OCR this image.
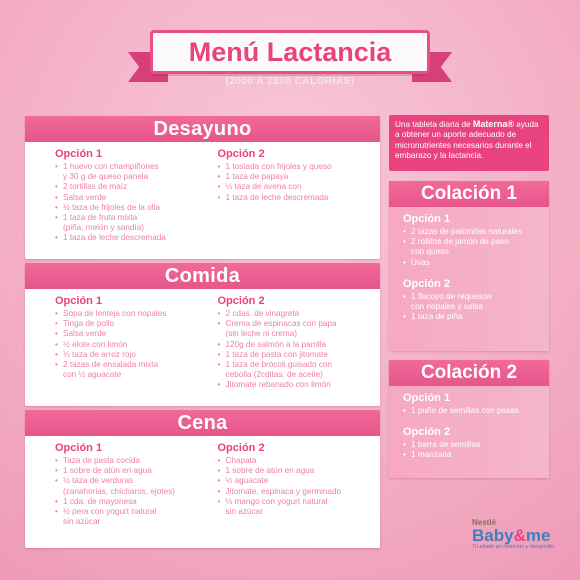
Menú Lactancia
(2000 A 2200 CALORÍAS)
Desayuno
Opción 1
• 1 huevo con champiñones
y 30 g de queso panela
• 2 tortillas de maíz
• Salsa verde
• ½ taza de frijoles de la olla
• 1 taza de fruta mixta
(piña, melón y sandía)
• 1 taza de leche descremada
Opción 2
• 1 tostada con frijoles y queso
• 1 taza de papaya
• ½ taza de avena con
• 1 taza de leche descremada
Comida
Opción 1
• Sopa de lenteja con nopales
• Tinga de pollo
• Salsa verde
• ½ elote con limón
• ⅓ taza de arroz rojo
• 2 tazas de ensalada mixta
con ½ aguacate
Opción 2
• 2 cdas. de vinagreta
• Crema de espinacas con papa
(sin leche ni crema)
• 120g de salmón a la parrilla
• 1 taza de pasta con jitomate
• 1 taza de brócoli guisado con
cebolla (2cditas. de aceite)
• Jitomate rebanado con limón
Cena
Opción 1
• Taza de pasta cocida
• 1 sobre de atún en agua
• ½ taza de verduras
(zanahorias, chícharos, ejotes)
• 1 cda. de mayonesa
• ½ pera con yogurt natural
sin azúcar
Opción 2
• Chapata
• 1 sobre de atún en agua
• ½ aguacate
• Jitomate, espinaca y germinado
• ½ mango con yogurt natural
sin azúcar
Una tableta diaria de Materna® ayuda a obtener un aporte adecuado de micronutrientes necesarios durante el embarazo y la lactancia.
Colación 1
Opción 1
• 2 tazas de palomitas naturales
• 2 rollitos de jamón de pavo
con queso
• Uvas
Opción 2
• 1 flacoyo de requesón
con nopales y salsa
• 1 taza de piña
Colación 2
Opción 1
• 1 puño de semillas con pasas
Opción 2
• 1 barra de semillas
• 1 manzana
Nestlé
Baby&me
Tu aliado en nutrición y desarrollo
